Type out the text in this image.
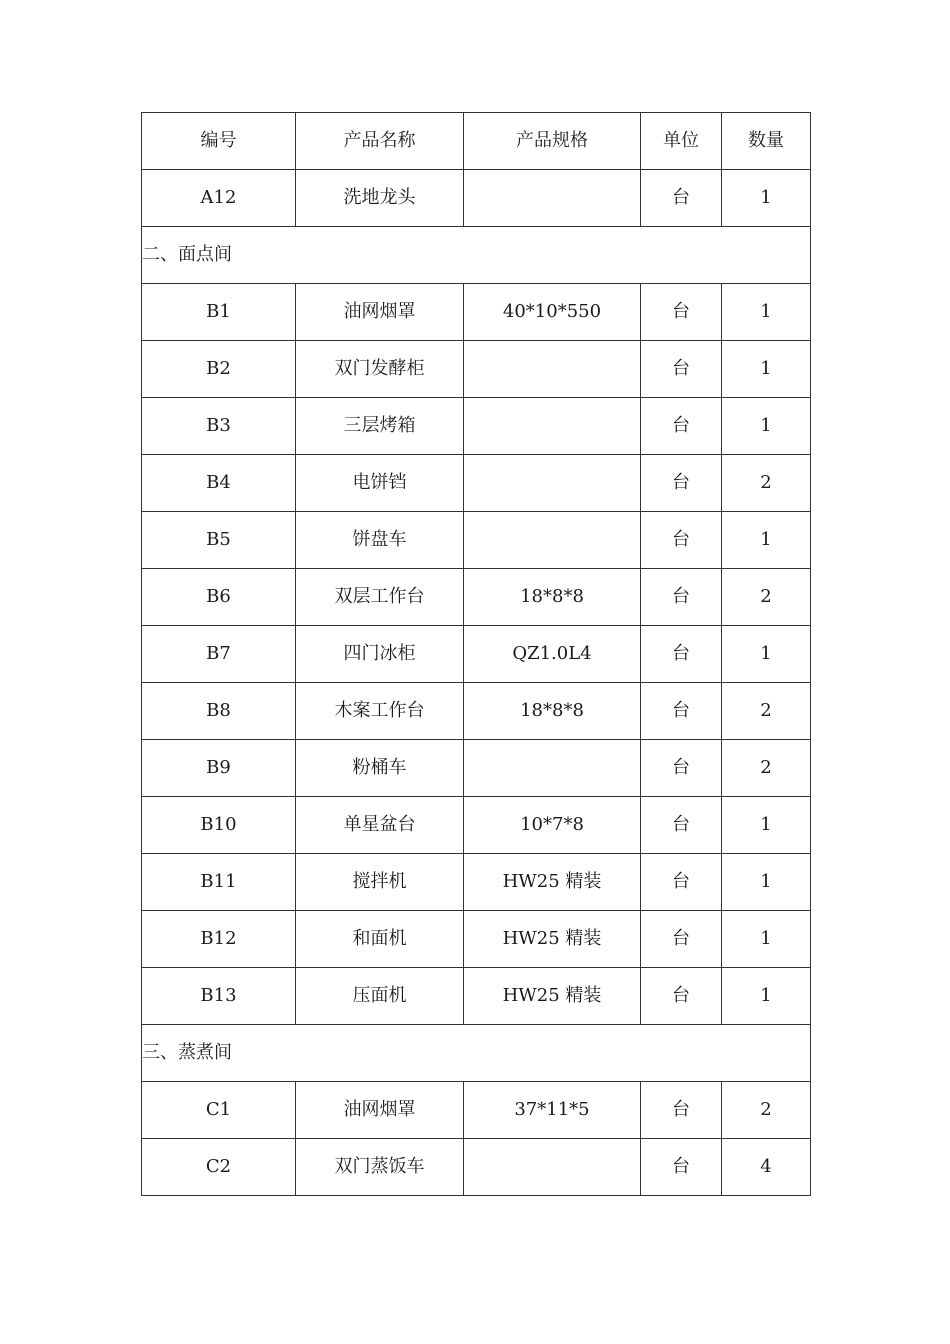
编号	产品名称	产品规格	单位	数量
A12	洗地龙头		台	1
二、面点间				
B1	油网烟罩	40*10*550	台	1
B2	双门发酵柜		台	1
B3	三层烤箱		台	1
B4	电饼铛		台	2
B5	饼盘车		台	1
B6	双层工作台	18*8*8	台	2
B7	四门冰柜	QZ1.0L4	台	1
B8	木案工作台	18*8*8	台	2
B9	粉桶车		台	2
B10	单星盆台	10*7*8	台	1
B11	搅拌机	HW25 精装	台	1
B12	和面机	HW25 精装	台	1
B13	压面机	HW25 精装	台	1
三、蒸煮间				
C1	油网烟罩	37*11*5	台	2
C2	双门蒸饭车		台	4
